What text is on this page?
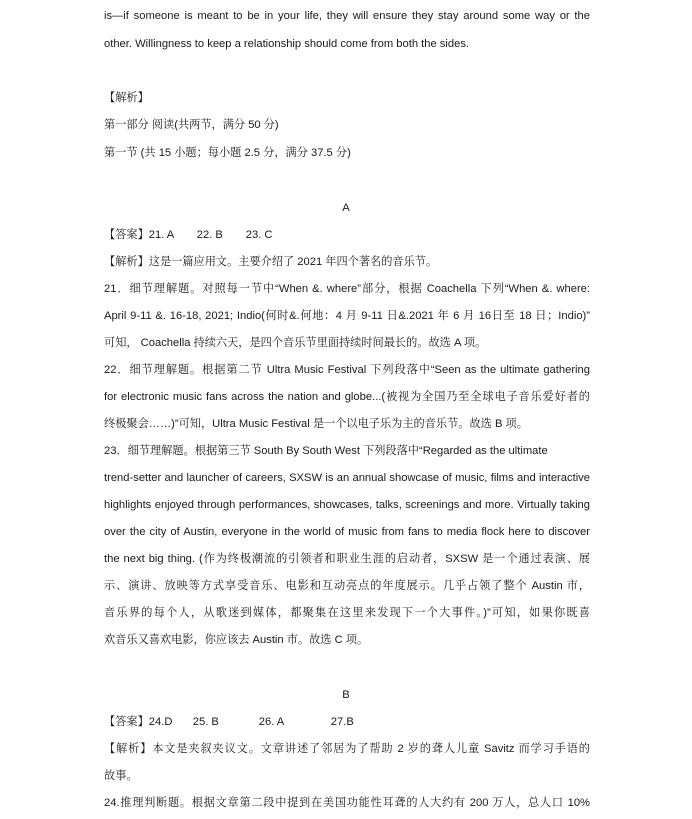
is—if someone is meant to be in your life, they will ensure they stay around some way or the
other. Willingness to keep a relationship should come from both the sides.
【解析】
第一部分 阅读(共两节，满分 50 分)
第一节 (共 15 小题；每小题 2.5 分，满分 37.5 分)
A
【答案】21. A 22. B 23. C
【解析】这是一篇应用文。主要介绍了 2021 年四个著名的音乐节。
21．细节理解题。对照每一节中“When &. where”部分，根据 Coachella 下列“When &. where:
April 9-11 &. 16-18, 2021; Indio(何时&.何地：4 月 9-11 日&.2021 年 6 月 16日至 18 日；Indio)”
可知， Coachella 持续六天，是四个音乐节里面持续时间最长的。故选 A 项。
22．细节理解题。根据第二节 Ultra Music Festival 下列段落中“Seen as the ultimate gathering
for electronic music fans across the nation and globe...(被视为全国乃至全球电子音乐爱好者的
终极聚会……)”可知，Ultra Music Festival 是一个以电子乐为主的音乐节。故选 B 项。
23．细节理解题。根据第三节 South By South West 下列段落中“Regarded as the ultimate
trend-setter and launcher of careers, SXSW is an annual showcase of music, films and interactive
highlights enjoyed through performances, showcases, talks, screenings and more. Virtually taking
over the city of Austin, everyone in the world of music from fans to media flock here to discover
the next big thing. (作为终极潮流的引领者和职业生涯的启动者，SXSW 是一个通过表演、展
示、演讲、放映等方式享受音乐、电影和互动亮点的年度展示。几乎占领了整个 Austin 市，
音乐界的每个人，从歌迷到媒体，都聚集在这里来发现下一个大事件。)”可知，如果你既喜
欢音乐又喜欢电影，你应该去 Austin 市。故选 C 项。
B
【答案】24.D 25. B	26. A	27.B
【解析】本文是夹叙夹议文。文章讲述了邻居为了帮助 2 岁的聋人儿童 Savitz 而学习手语的
故事。
24.推理判断题。根据文章第二段中提到在美国功能性耳聋的人大约有 200 万人，总人口 10%
